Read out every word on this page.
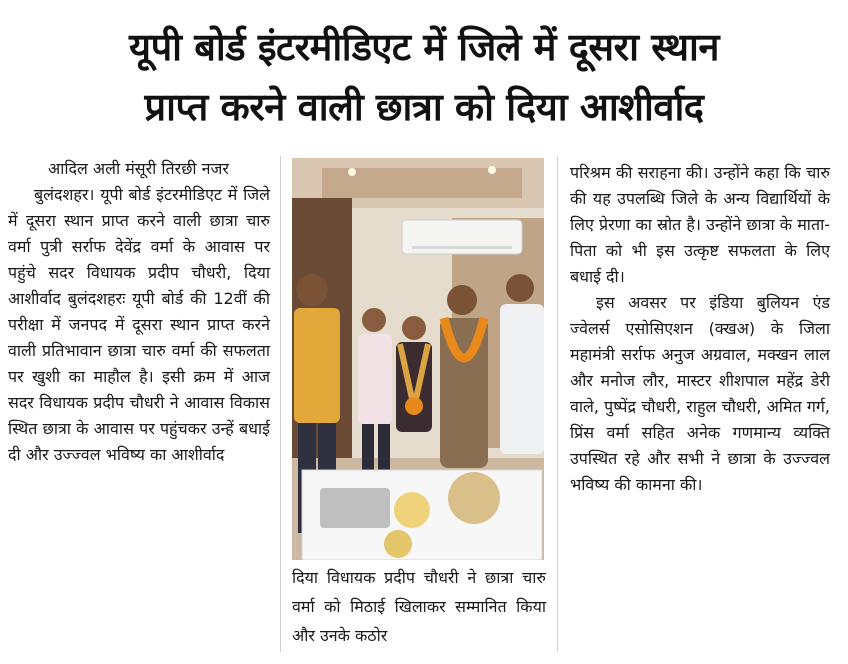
यूपी बोर्ड इंटरमीडिएट में जिले में दूसरा स्थान
प्राप्त करने वाली छात्रा को दिया आशीर्वाद

आदिल अली मंसूरी तिरछी नजर

बुलंदशहर। यूपी बोर्ड इंटरमीडिएट में जिले में दूसरा स्थान प्राप्त करने वाली छात्रा चारु वर्मा पुत्री सर्राफ देवेंद्र वर्मा के आवास पर पहुंचे सदर विधायक प्रदीप चौधरी, दिया आशीर्वाद बुलंदशहरः यूपी बोर्ड की 12वीं की परीक्षा में जनपद में दूसरा स्थान प्राप्त करने वाली प्रतिभावान छात्रा चारु वर्मा की सफलता पर खुशी का माहौल है। इसी क्रम में आज सदर विधायक प्रदीप चौधरी ने आवास विकास स्थित छात्रा के आवास पर पहुंचकर उन्हें बधाई दी और उज्ज्वल भविष्य का आशीर्वाद

दिया विधायक प्रदीप चौधरी ने छात्रा चारु वर्मा को मिठाई खिलाकर सम्मानित किया और उनके कठोर

परिश्रम की सराहना की। उन्होंने कहा कि चारु की यह उपलब्धि जिले के अन्य विद्यार्थियों के लिए प्रेरणा का स्रोत है। उन्होंने छात्रा के माता-पिता को भी इस उत्कृष्ट सफलता के लिए बधाई दी।

इस अवसर पर इंडिया बुलियन एंड ज्वेलर्स एसोसिएशन (क्खअ) के जिला महामंत्री सर्राफ अनुज अग्रवाल, मक्खन लाल और मनोज लौर, मास्टर शीशपाल महेंद्र डेरी वाले, पुष्पेंद्र चौधरी, राहुल चौधरी, अमित गर्ग, प्रिंस वर्मा सहित अनेक गणमान्य व्यक्ति उपस्थित रहे और सभी ने छात्रा के उज्ज्वल भविष्य की कामना की।
